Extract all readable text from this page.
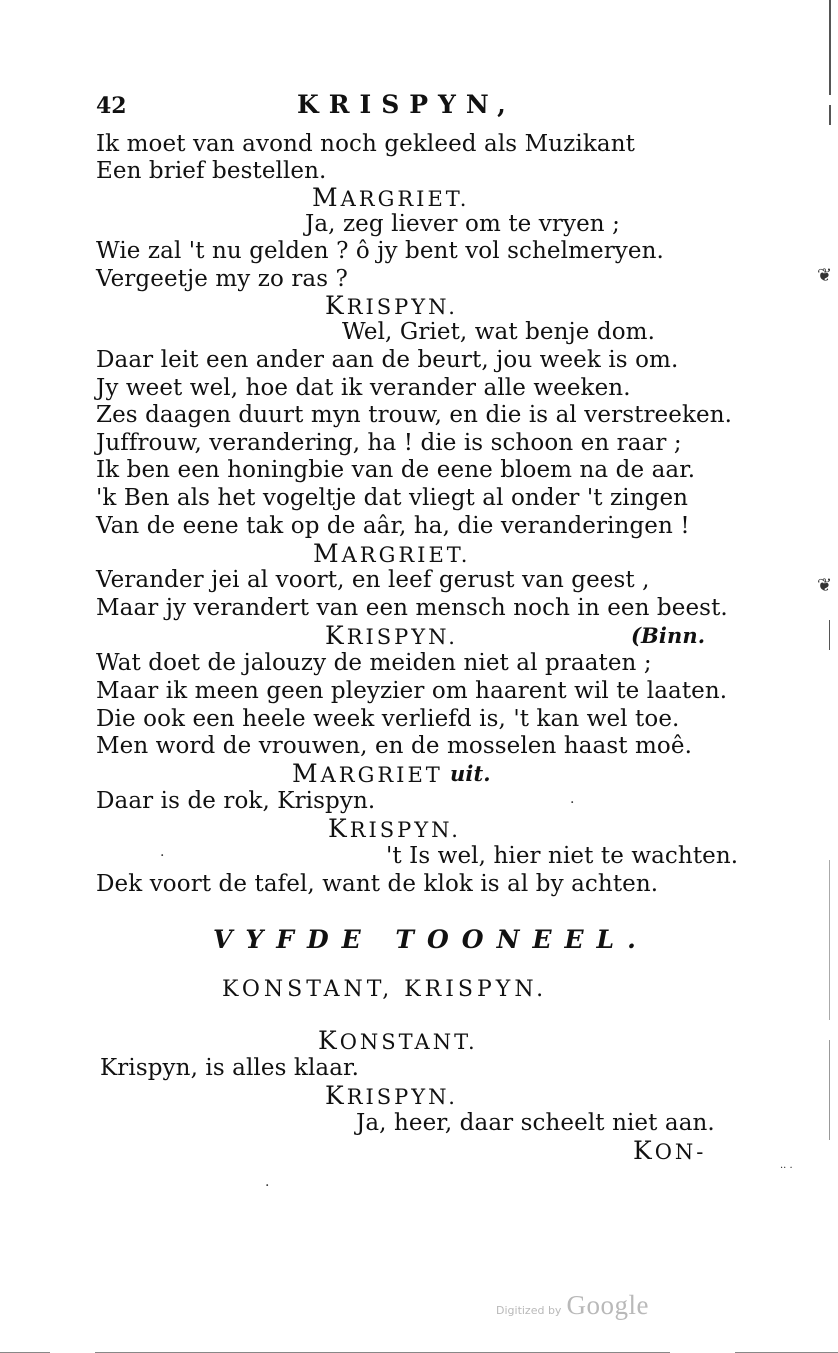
42	KRISPYN,
Ik moet van avond noch gekleed als Muzikant
Een brief bestellen.
MARGRIET.
Ja, zeg liever om te vryen ;
Wie zal 't nu gelden ? ô jy bent vol schelmeryen.
Vergeetje my zo ras ?
KRISPYN.
Wel, Griet, wat benje dom.
Daar leit een ander aan de beurt, jou week is om.
Jy weet wel, hoe dat ik verander alle weeken.
Zes daagen duurt myn trouw, en die is al verstreeken.
Juffrouw, verandering, ha ! die is schoon en raar ;
Ik ben een honingbie van de eene bloem na de aar.
'k Ben als het vogeltje dat vliegt al onder 't zingen
Van de eene tak op de aâr, ha, die veranderingen !
MARGRIET.
Verander jei al voort, en leef gerust van geest ,
Maar jy verandert van een mensch noch in een beest.
KRISPYN.	(Binn.
Wat doet de jalouzy de meiden niet al praaten ;
Maar ik meen geen pleyzier om haarent wil te laaten.
Die ook een heele week verliefd is, 't kan wel toe.
Men word de vrouwen, en de mosselen haast moê.
MARGRIET uit.
Daar is de rok, Krispyn.
KRISPYN.
't Is wel, hier niet te wachten.
Dek voort de tafel, want de klok is al by achten.
VYFDE TOONEEL.
KONSTANT, KRISPYN.
KONSTANT.
Krispyn, is alles klaar.
KRISPYN.
Ja, heer, daar scheelt niet aan.
KON-
Digitized by Google
❦
❦
·
·
·
·· ·
